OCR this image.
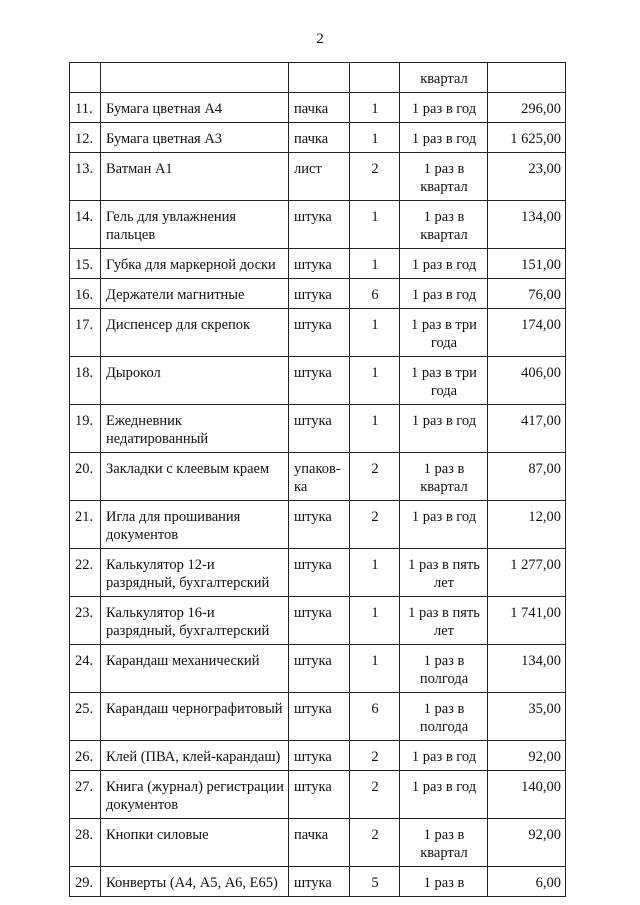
2
				квартал	
11.	Бумага цветная А4	пачка	1	1 раз в год	296,00
12.	Бумага цветная А3	пачка	1	1 раз в год	1 625,00
13.	Ватман А1	лист	2	1 раз в квартал	23,00
14.	Гель для увлажнения пальцев	штука	1	1 раз в квартал	134,00
15.	Губка для маркерной доски	штука	1	1 раз в год	151,00
16.	Держатели магнитные	штука	6	1 раз в год	76,00
17.	Диспенсер для скрепок	штука	1	1 раз в три года	174,00
18.	Дырокол	штука	1	1 раз в три года	406,00
19.	Ежедневник недатированный	штука	1	1 раз в год	417,00
20.	Закладки с клеевым краем	упаков-ка	2	1 раз в квартал	87,00
21.	Игла для прошивания документов	штука	2	1 раз в год	12,00
22.	Калькулятор 12-и разрядный, бухгалтерский	штука	1	1 раз в пять лет	1 277,00
23.	Калькулятор 16-и разрядный, бухгалтерский	штука	1	1 раз в пять лет	1 741,00
24.	Карандаш механический	штука	1	1 раз в полгода	134,00
25.	Карандаш чернографитовый	штука	6	1 раз в полгода	35,00
26.	Клей (ПВА, клей-карандаш)	штука	2	1 раз в год	92,00
27.	Книга (журнал) регистрации документов	штука	2	1 раз в год	140,00
28.	Кнопки силовые	пачка	2	1 раз в квартал	92,00
29.	Конверты (А4, А5, А6, Е65)	штука	5	1 раз в	6,00
